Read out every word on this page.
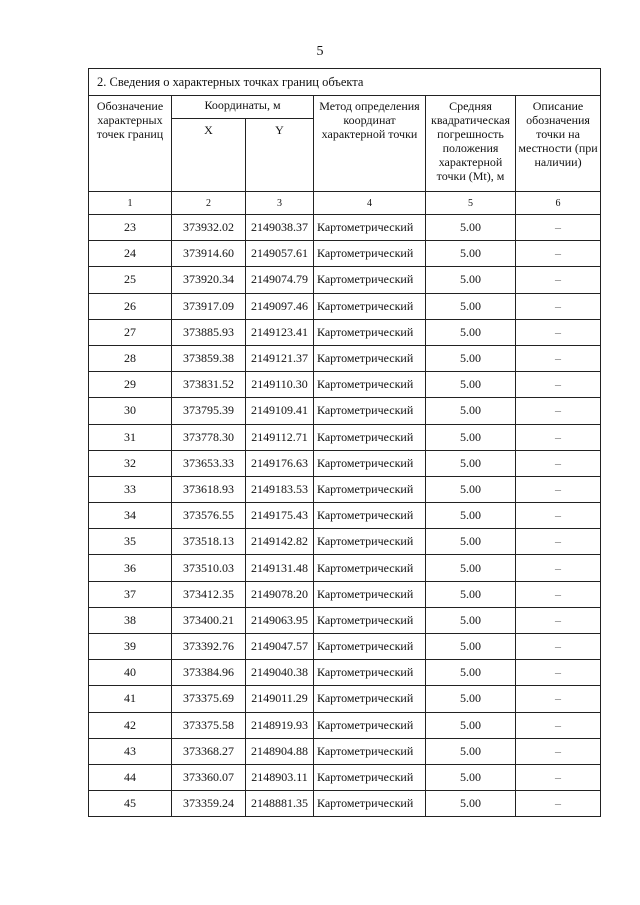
5
2. Сведения о характерных точках границ объекта					
Обозначение характерных точек границ	Координаты, м		Метод определения координат характерной точки	Средняя квадратическая погрешность положения характерной точки (Mt), м	Описание обозначения точки на местности (при наличии)
	X	Y			
1	2	3	4	5	6
23	373932.02	2149038.37	Картометрический	5.00	–
24	373914.60	2149057.61	Картометрический	5.00	–
25	373920.34	2149074.79	Картометрический	5.00	–
26	373917.09	2149097.46	Картометрический	5.00	–
27	373885.93	2149123.41	Картометрический	5.00	–
28	373859.38	2149121.37	Картометрический	5.00	–
29	373831.52	2149110.30	Картометрический	5.00	–
30	373795.39	2149109.41	Картометрический	5.00	–
31	373778.30	2149112.71	Картометрический	5.00	–
32	373653.33	2149176.63	Картометрический	5.00	–
33	373618.93	2149183.53	Картометрический	5.00	–
34	373576.55	2149175.43	Картометрический	5.00	–
35	373518.13	2149142.82	Картометрический	5.00	–
36	373510.03	2149131.48	Картометрический	5.00	–
37	373412.35	2149078.20	Картометрический	5.00	–
38	373400.21	2149063.95	Картометрический	5.00	–
39	373392.76	2149047.57	Картометрический	5.00	–
40	373384.96	2149040.38	Картометрический	5.00	–
41	373375.69	2149011.29	Картометрический	5.00	–
42	373375.58	2148919.93	Картометрический	5.00	–
43	373368.27	2148904.88	Картометрический	5.00	–
44	373360.07	2148903.11	Картометрический	5.00	–
45	373359.24	2148881.35	Картометрический	5.00	–
